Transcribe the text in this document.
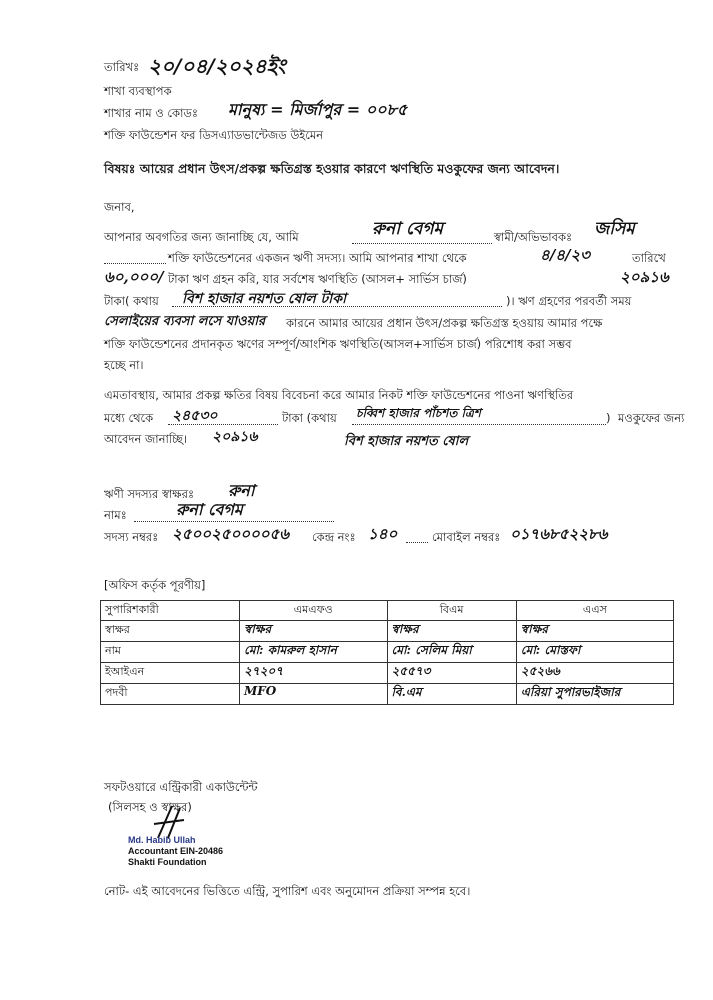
তারিখঃ ২০/০৪/২০২৪ইং
শাখা ব্যবস্থাপক
শাখার নাম ও কোডঃ মানুষ্য = মির্জাপুর = ০০৮৫
শক্তি ফাউন্ডেশন ফর ডিসএ্যাডভান্টেজড উইমেন
বিষয়ঃ আয়ের প্রধান উৎস/প্রকল্প ক্ষতিগ্রস্ত হওয়ার কারণে ঋণস্থিতি মওকুফের জন্য আবেদন।
জনাব,
আপনার অবগতির জন্য জানাচ্ছি যে, আমি	রুনা বেগম	স্বামী/অভিভাবকঃ জসিম
শক্তি ফাউন্ডেশনের একজন ঋণী সদস্য। আমি আপনার শাখা থেকে	৪/৪/২৩	তারিখে
৬০,০০০/ টাকা ঋণ গ্রহন করি, যার সর্বশেষ ঋণস্থিতি (আসল+ সার্ভিস চার্জ)	২০৯১৬
টাকা( কথায় বিশ হাজার নয়শত ষোল টাকা	)। ঋণ গ্রহণের পরবর্তী সময়
সেলাইয়ের ব্যবসা লসে যাওয়ার কারনে আমার আয়ের প্রধান উৎস/প্রকল্প ক্ষতিগ্রস্ত হওয়ায় আমার পক্ষে
শক্তি ফাউন্ডেশনের প্রদানকৃত ঋণের সম্পূর্ণ/আংশিক ঋণস্থিতি(আসল+সার্ভিস চার্জ) পরিশোধ করা সম্ভব
হচ্ছে না।
এমতাবস্থায়, আমার প্রকল্প ক্ষতির বিষয় বিবেচনা করে আমার নিকট শক্তি ফাউন্ডেশনের পাওনা ঋণস্থিতির
মধ্যে থেকে ২৪৫৩০	টাকা (কথায় চব্বিশ হাজার পাঁচশত ত্রিশ	) মওকুফের জন্য
আবেদন জানাচ্ছি। ২০৯১৬	বিশ হাজার নয়শত ষোল
ঋণী সদস্যর স্বাক্ষরঃ রুনা
নামঃ	রুনা বেগম
সদস্য নম্বরঃ ২৫০০২৫০০০০৫৬ কেন্দ্র নংঃ ১৪০	মোবাইল নম্বরঃ ০১৭৬৮৫২২৮৬
[অফিস কর্তৃক পূরণীয়]
সুপারিশকারী	এমএফও	বিএম	এএস
স্বাক্ষর	স্বাক্ষর	স্বাক্ষর	স্বাক্ষর
নাম	মো: কামরুল হাসান	মো: সেলিম মিয়া	মো: মোস্তফা
ইআইএন	২৭২০৭	২৫৫৭৩	২৫২৬৬
পদবী	MFO	বি.এম	এরিয়া সুপারভাইজার
সফটওয়ারে এন্ট্রিকারী একাউন্টেন্ট
(সিলসহ ও স্বাক্ষর)
Md. Habib Ullah
Accountant EIN-20486
Shakti Foundation
নোট- এই আবেদনের ভিত্তিতে এন্ট্রি, সুপারিশ এবং অনুমোদন প্রক্রিয়া সম্পন্ন হবে।
